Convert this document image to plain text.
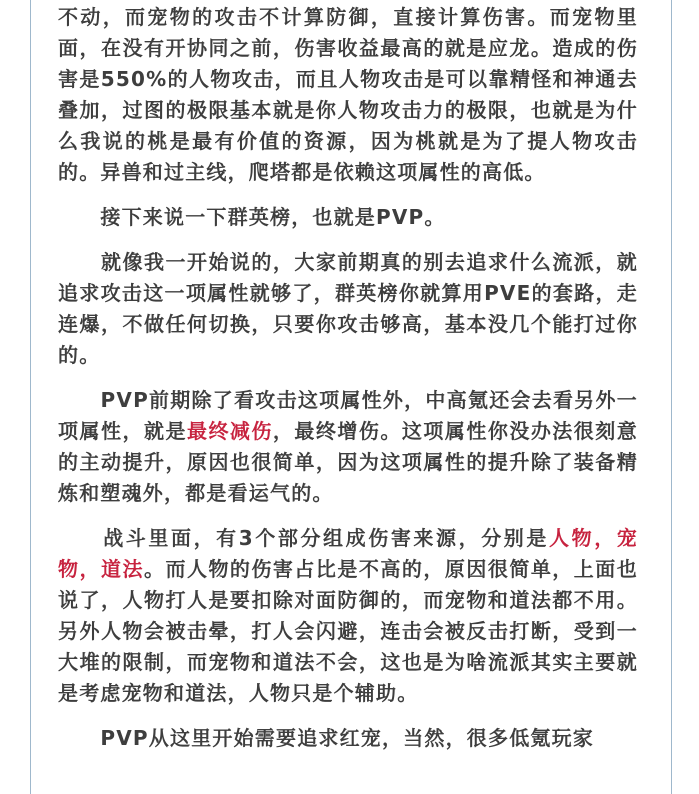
不动，而宠物的攻击不计算防御，直接计算伤害。而宠物里面，在没有开协同之前，伤害收益最高的就是应龙。造成的伤害是550%的人物攻击，而且人物攻击是可以靠精怪和神通去叠加，过图的极限基本就是你人物攻击力的极限，也就是为什么我说的桃是最有价值的资源，因为桃就是为了提人物攻击的。异兽和过主线，爬塔都是依赖这项属性的高低。

　　接下来说一下群英榜，也就是PVP。

　　就像我一开始说的，大家前期真的别去追求什么流派，就追求攻击这一项属性就够了，群英榜你就算用PVE的套路，走连爆，不做任何切换，只要你攻击够高，基本没几个能打过你的。

　　PVP前期除了看攻击这项属性外，中高氪还会去看另外一项属性，就是最终减伤，最终增伤。这项属性你没办法很刻意的主动提升，原因也很简单，因为这项属性的提升除了装备精炼和塑魂外，都是看运气的。

　　战斗里面，有3个部分组成伤害来源，分别是人物，宠物，道法。而人物的伤害占比是不高的，原因很简单，上面也说了，人物打人是要扣除对面防御的，而宠物和道法都不用。另外人物会被击晕，打人会闪避，连击会被反击打断，受到一大堆的限制，而宠物和道法不会，这也是为啥流派其实主要就是考虑宠物和道法，人物只是个辅助。

　　PVP从这里开始需要追求红宠，当然，很多低氪玩家
